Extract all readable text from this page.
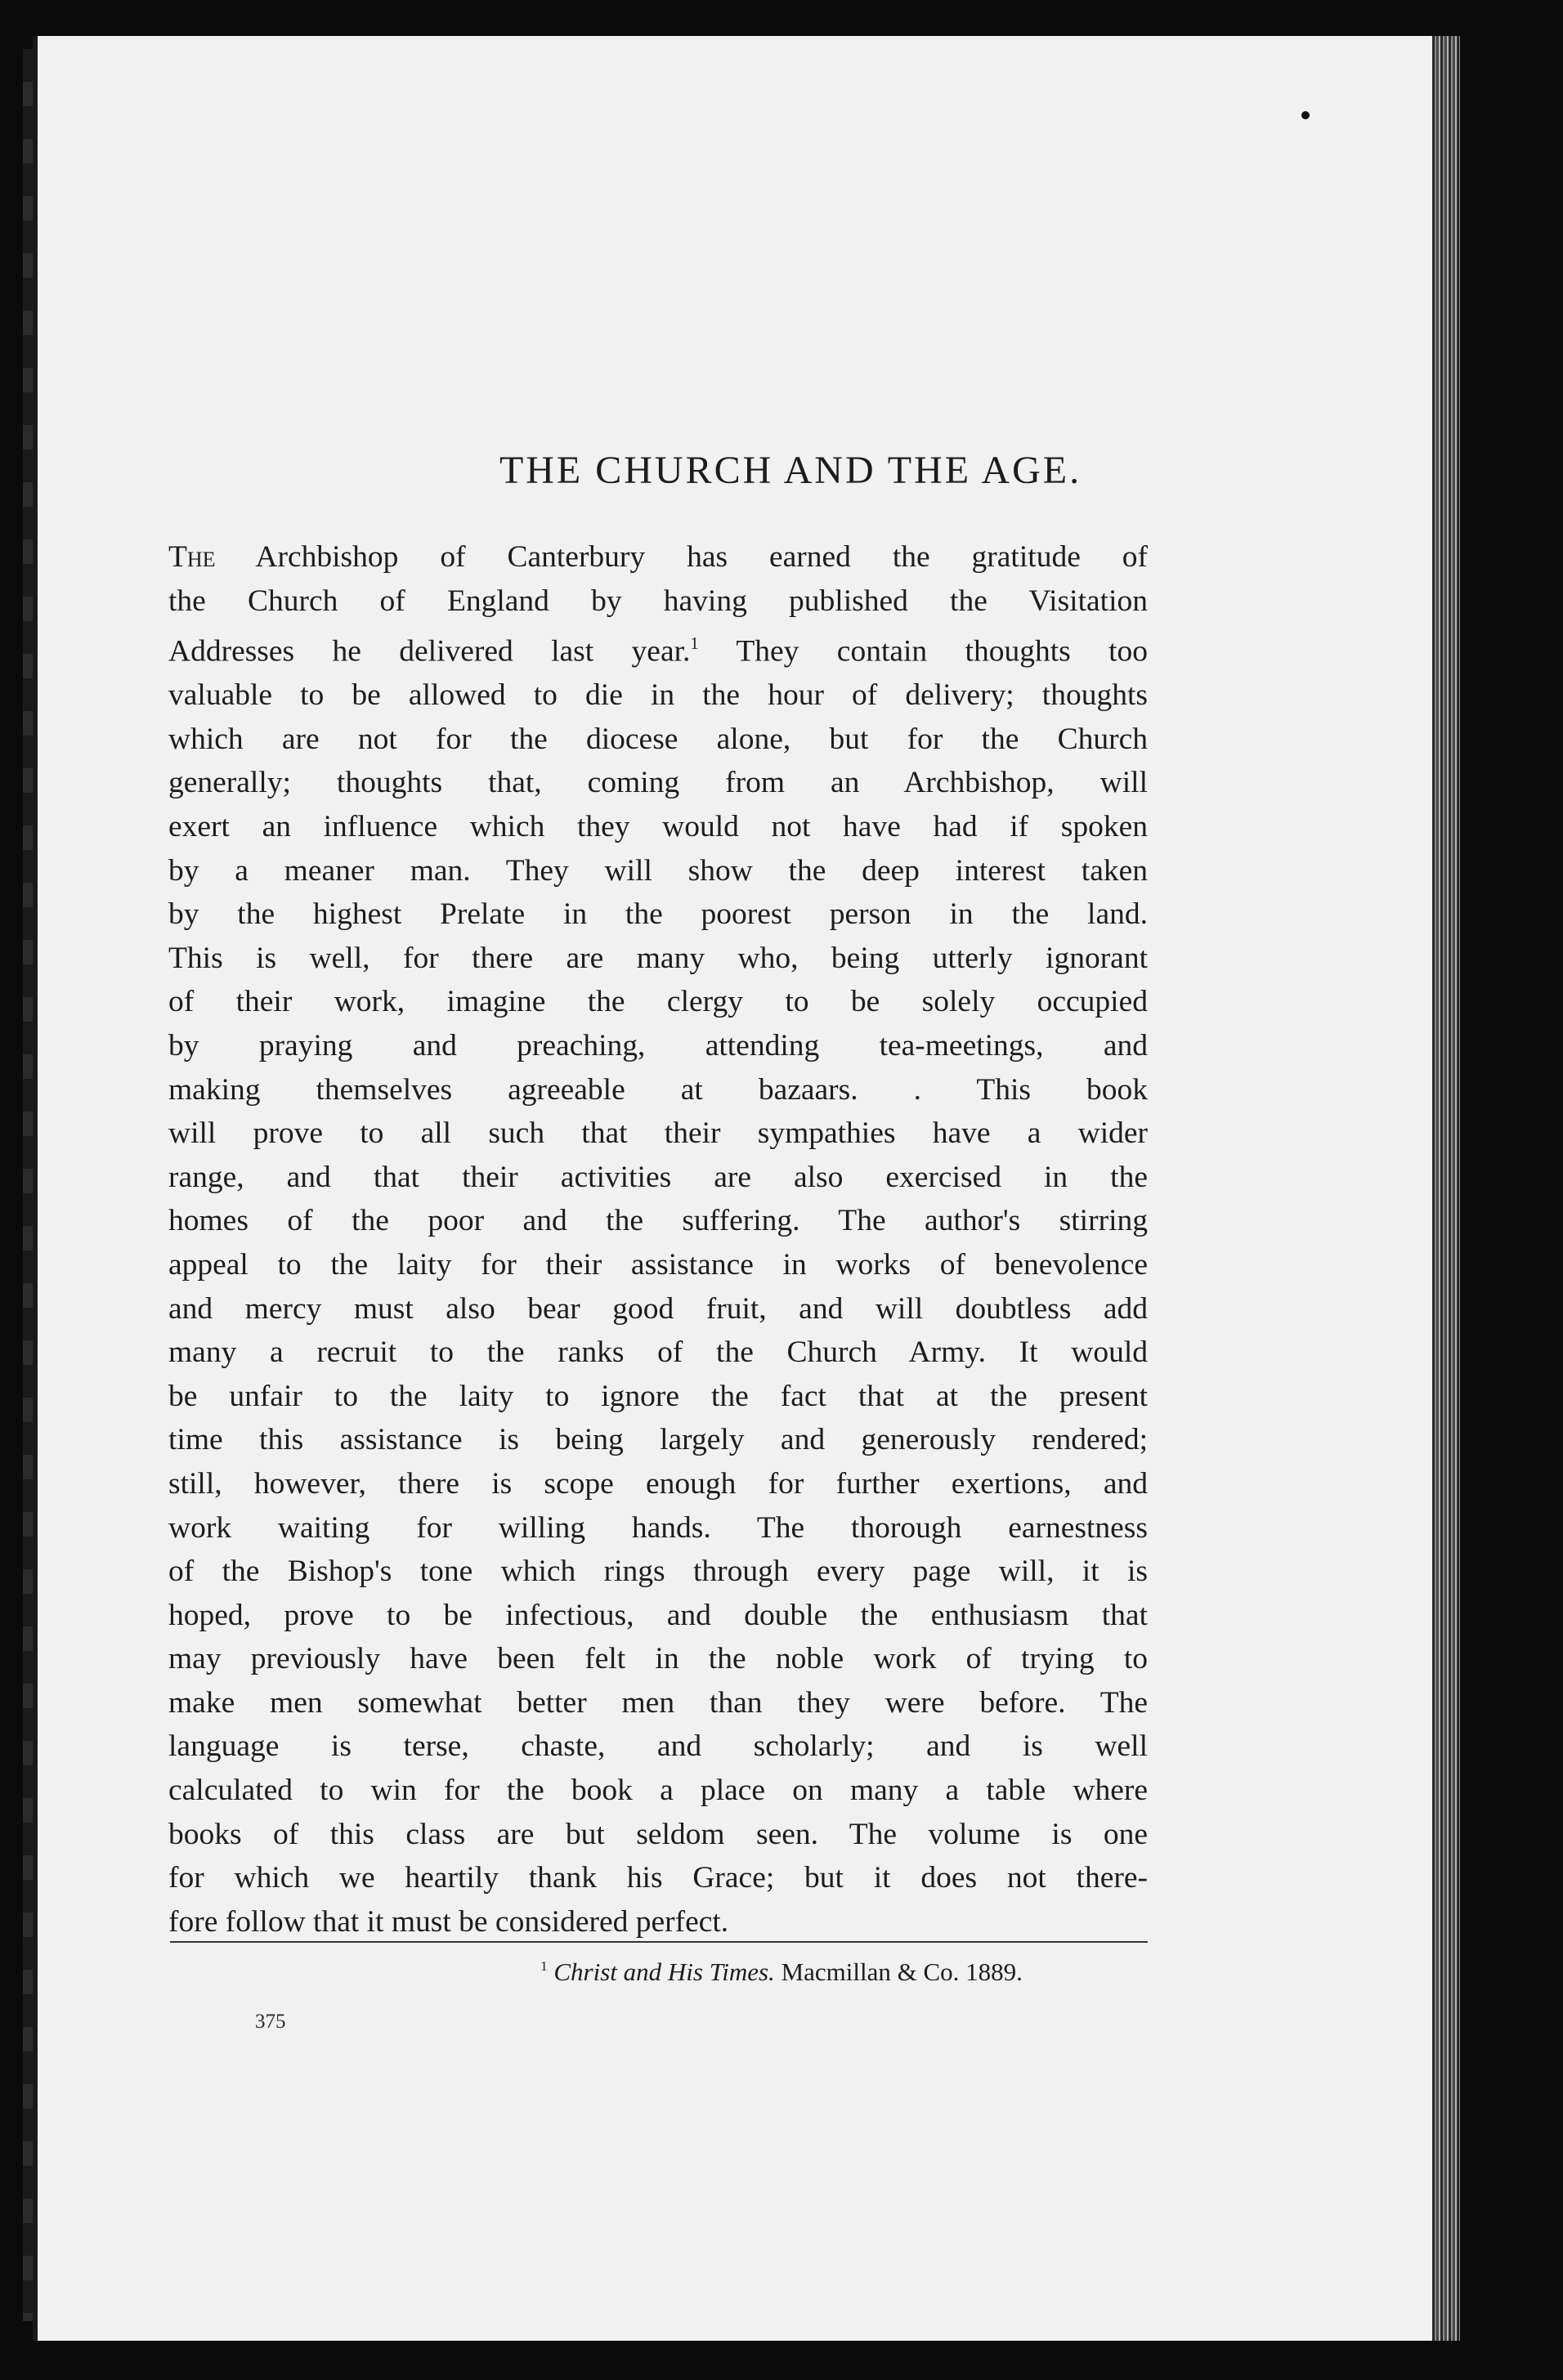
THE CHURCH AND THE AGE.
The Archbishop of Canterbury has earned the gratitude of
the Church of England by having published the Visitation
Addresses he delivered last year.$^1$ They contain thoughts too
valuable to be allowed to die in the hour of delivery; thoughts
which are not for the diocese alone, but for the Church
generally; thoughts that, coming from an Archbishop, will
exert an influence which they would not have had if spoken
by a meaner man. They will show the deep interest taken
by the highest Prelate in the poorest person in the land.
This is well, for there are many who, being utterly ignorant
of their work, imagine the clergy to be solely occupied
by praying and preaching, attending tea-meetings, and
making themselves agreeable at bazaars. . This book
will prove to all such that their sympathies have a wider
range, and that their activities are also exercised in the
homes of the poor and the suffering. The author's stirring
appeal to the laity for their assistance in works of benevolence
and mercy must also bear good fruit, and will doubtless add
many a recruit to the ranks of the Church Army. It would
be unfair to the laity to ignore the fact that at the present
time this assistance is being largely and generously rendered;
still, however, there is scope enough for further exertions, and
work waiting for willing hands. The thorough earnestness
of the Bishop's tone which rings through every page will, it is
hoped, prove to be infectious, and double the enthusiasm that
may previously have been felt in the noble work of trying to
make men somewhat better men than they were before. The
language is terse, chaste, and scholarly; and is well
calculated to win for the book a place on many a table where
books of this class are but seldom seen. The volume is one
for which we heartily thank his Grace; but it does not there-
fore follow that it must be considered perfect.
$^1$ Christ and His Times. Macmillan & Co. 1889.
375
